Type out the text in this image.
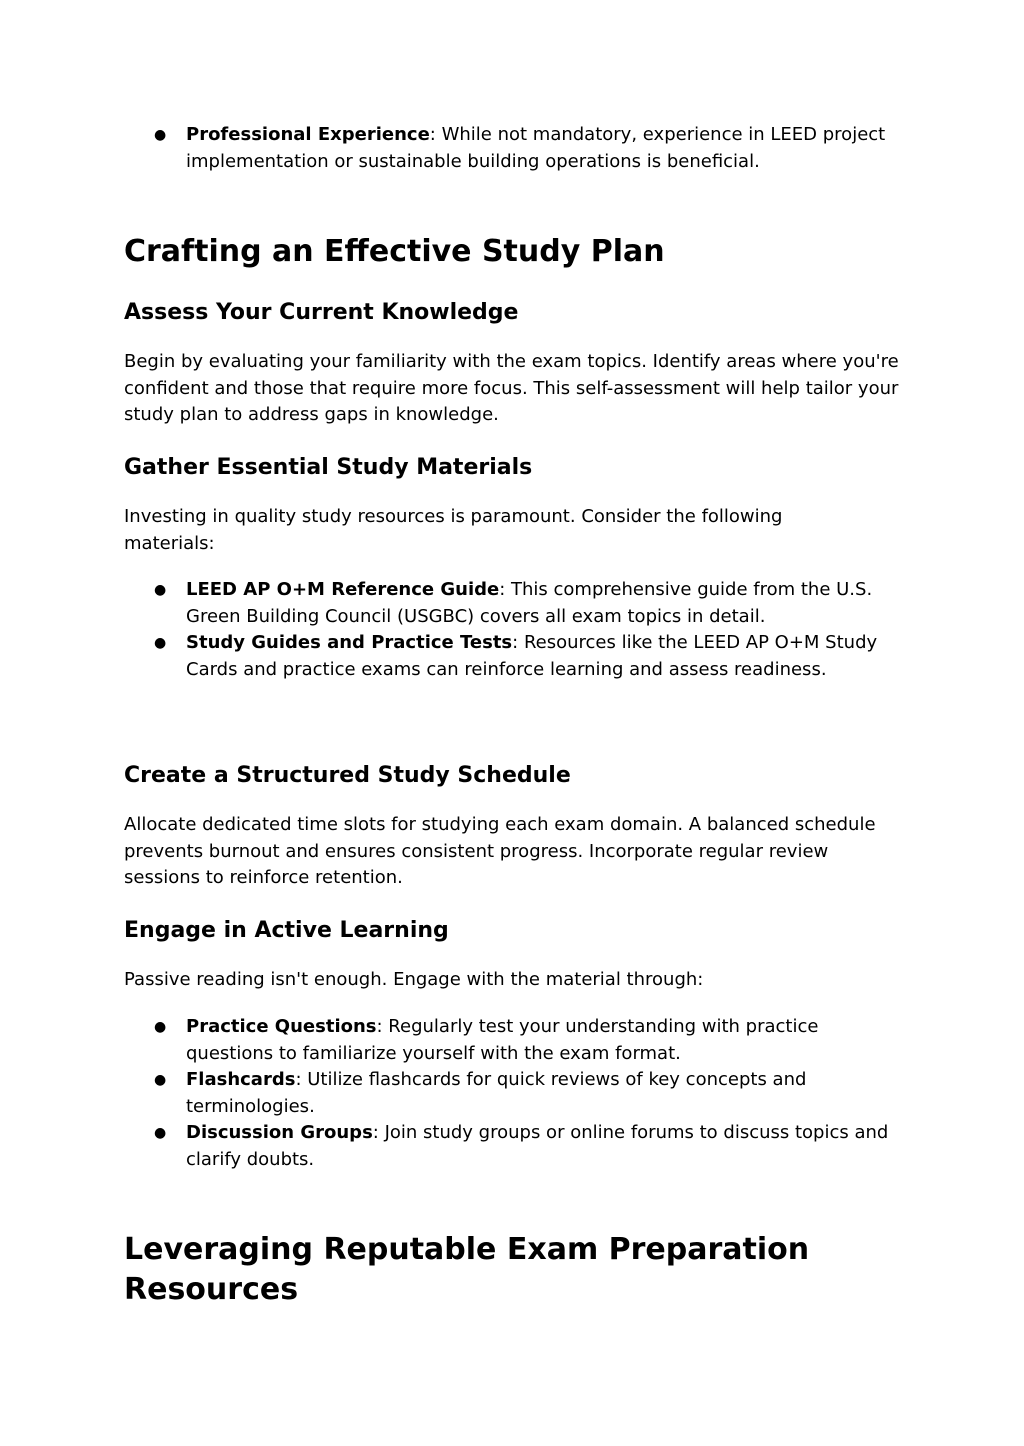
● Professional Experience: While not mandatory, experience in LEED project implementation or sustainable building operations is beneficial.
Crafting an Effective Study Plan
Assess Your Current Knowledge

Begin by evaluating your familiarity with the exam topics. Identify areas where you're confident and those that require more focus. This self-assessment will help tailor your study plan to address gaps in knowledge.

Gather Essential Study Materials

Investing in quality study resources is paramount. Consider the following materials:

● LEED AP O+M Reference Guide: This comprehensive guide from the U.S. Green Building Council (USGBC) covers all exam topics in detail.
● Study Guides and Practice Tests: Resources like the LEED AP O+M Study Cards and practice exams can reinforce learning and assess readiness.
Create a Structured Study Schedule

Allocate dedicated time slots for studying each exam domain. A balanced schedule prevents burnout and ensures consistent progress. Incorporate regular review sessions to reinforce retention.

Engage in Active Learning

Passive reading isn't enough. Engage with the material through:

● Practice Questions: Regularly test your understanding with practice questions to familiarize yourself with the exam format.
● Flashcards: Utilize flashcards for quick reviews of key concepts and terminologies.
● Discussion Groups: Join study groups or online forums to discuss topics and clarify doubts.
Leveraging Reputable Exam Preparation Resources
